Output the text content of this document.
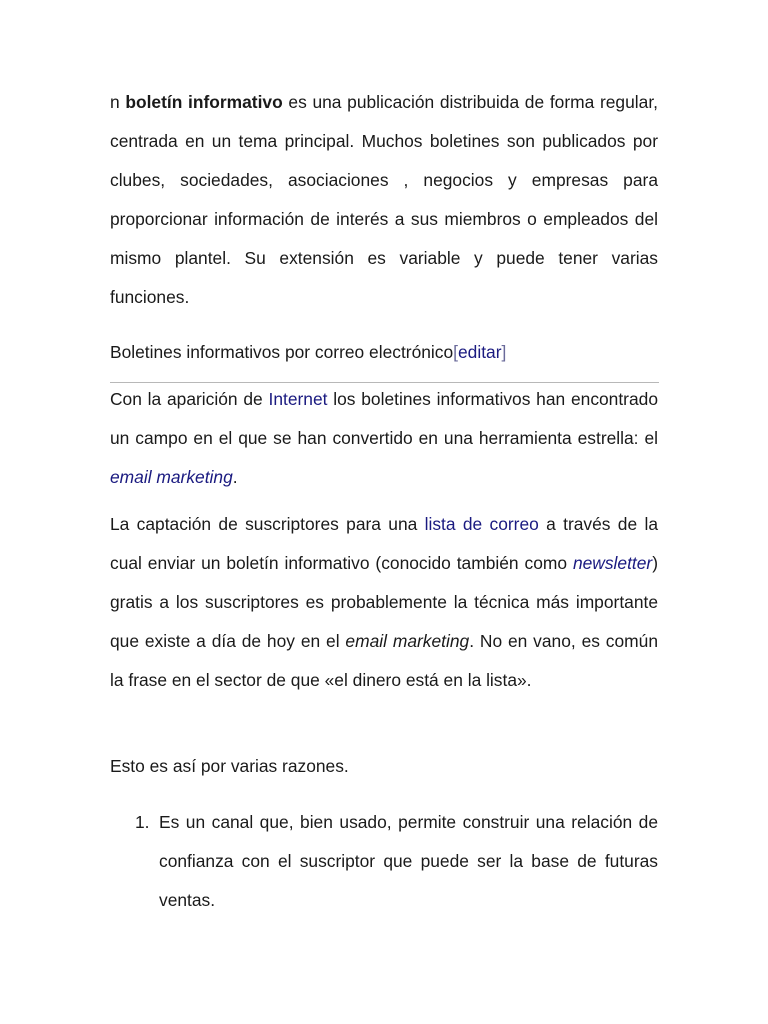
n boletín informativo es una publicación distribuida de forma regular, centrada en un tema principal. Muchos boletines son publicados por clubes, sociedades, asociaciones , negocios y empresas para proporcionar información de interés a sus miembros o empleados del mismo plantel. Su extensión es variable y puede tener varias funciones.

Boletines informativos por correo electrónico[editar]

Con la aparición de Internet los boletines informativos han encontrado un campo en el que se han convertido en una herramienta estrella: el email marketing.

La captación de suscriptores para una lista de correo a través de la cual enviar un boletín informativo (conocido también como newsletter) gratis a los suscriptores es probablemente la técnica más importante que existe a día de hoy en el email marketing. No en vano, es común la frase en el sector de que «el dinero está en la lista».

Esto es así por varias razones.

1. Es un canal que, bien usado, permite construir una relación de confianza con el suscriptor que puede ser la base de futuras ventas.
